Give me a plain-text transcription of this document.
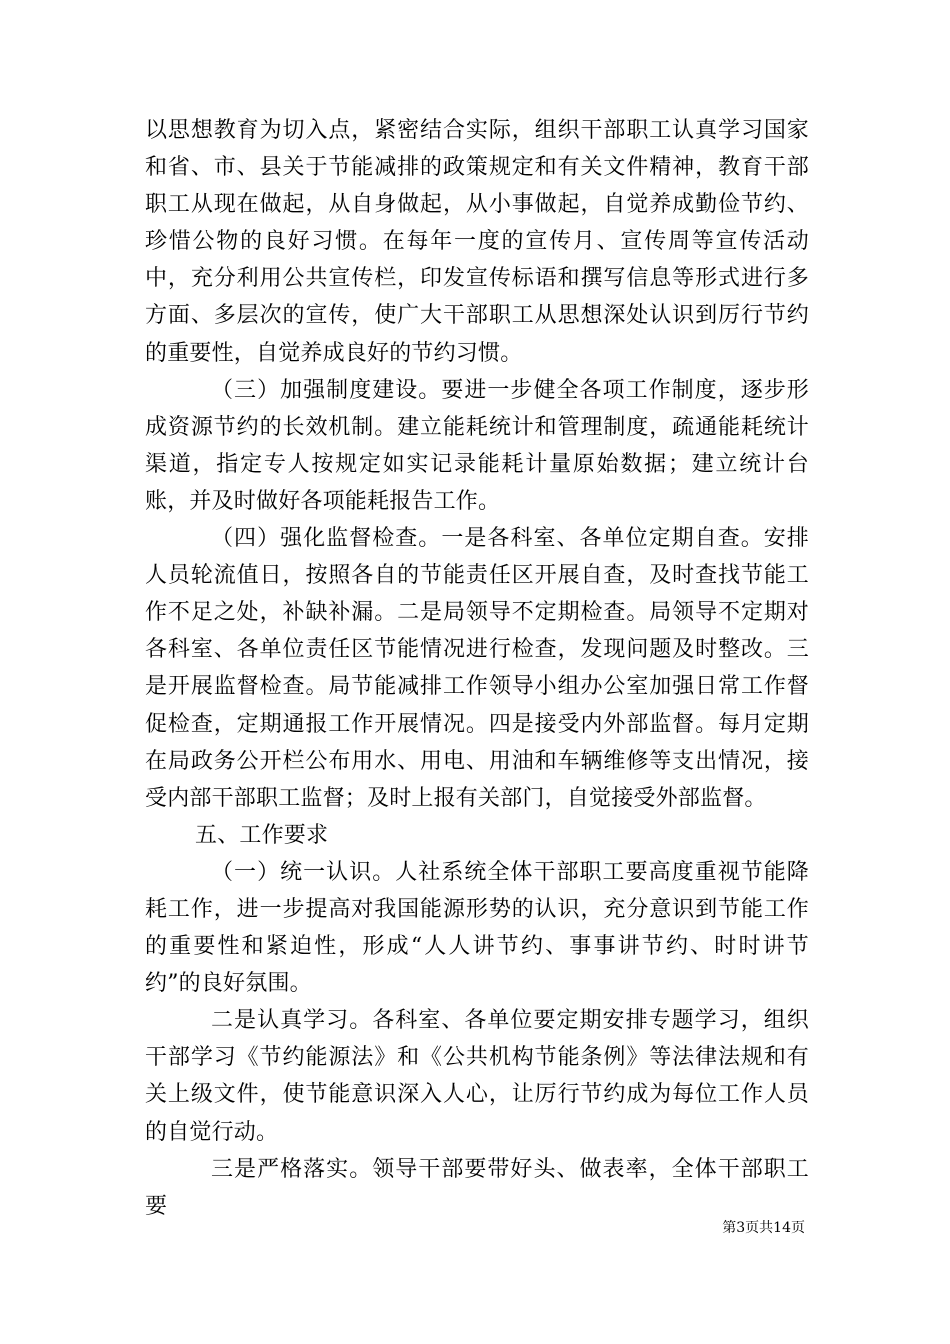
以思想教育为切入点，紧密结合实际，组织干部职工认真学习国家和省、市、县关于节能减排的政策规定和有关文件精神，教育干部职工从现在做起，从自身做起，从小事做起，自觉养成勤俭节约、珍惜公物的良好习惯。在每年一度的宣传月、宣传周等宣传活动中，充分利用公共宣传栏，印发宣传标语和撰写信息等形式进行多方面、多层次的宣传，使广大干部职工从思想深处认识到厉行节约的重要性，自觉养成良好的节约习惯。

（三）加强制度建设。要进一步健全各项工作制度，逐步形成资源节约的长效机制。建立能耗统计和管理制度，疏通能耗统计渠道，指定专人按规定如实记录能耗计量原始数据；建立统计台账，并及时做好各项能耗报告工作。

（四）强化监督检查。一是各科室、各单位定期自查。安排人员轮流值日，按照各自的节能责任区开展自查，及时查找节能工作不足之处，补缺补漏。二是局领导不定期检查。局领导不定期对各科室、各单位责任区节能情况进行检查，发现问题及时整改。三是开展监督检查。局节能减排工作领导小组办公室加强日常工作督促检查，定期通报工作开展情况。四是接受内外部监督。每月定期在局政务公开栏公布用水、用电、用油和车辆维修等支出情况，接受内部干部职工监督；及时上报有关部门，自觉接受外部监督。

五、工作要求

（一）统一认识。人社系统全体干部职工要高度重视节能降耗工作，进一步提高对我国能源形势的认识，充分意识到节能工作的重要性和紧迫性，形成“人人讲节约、事事讲节约、时时讲节约”的良好氛围。

二是认真学习。各科室、各单位要定期安排专题学习，组织干部学习《节约能源法》和《公共机构节能条例》等法律法规和有关上级文件，使节能意识深入人心，让厉行节约成为每位工作人员的自觉行动。

三是严格落实。领导干部要带好头、做表率，全体干部职工要

第3页共14页
